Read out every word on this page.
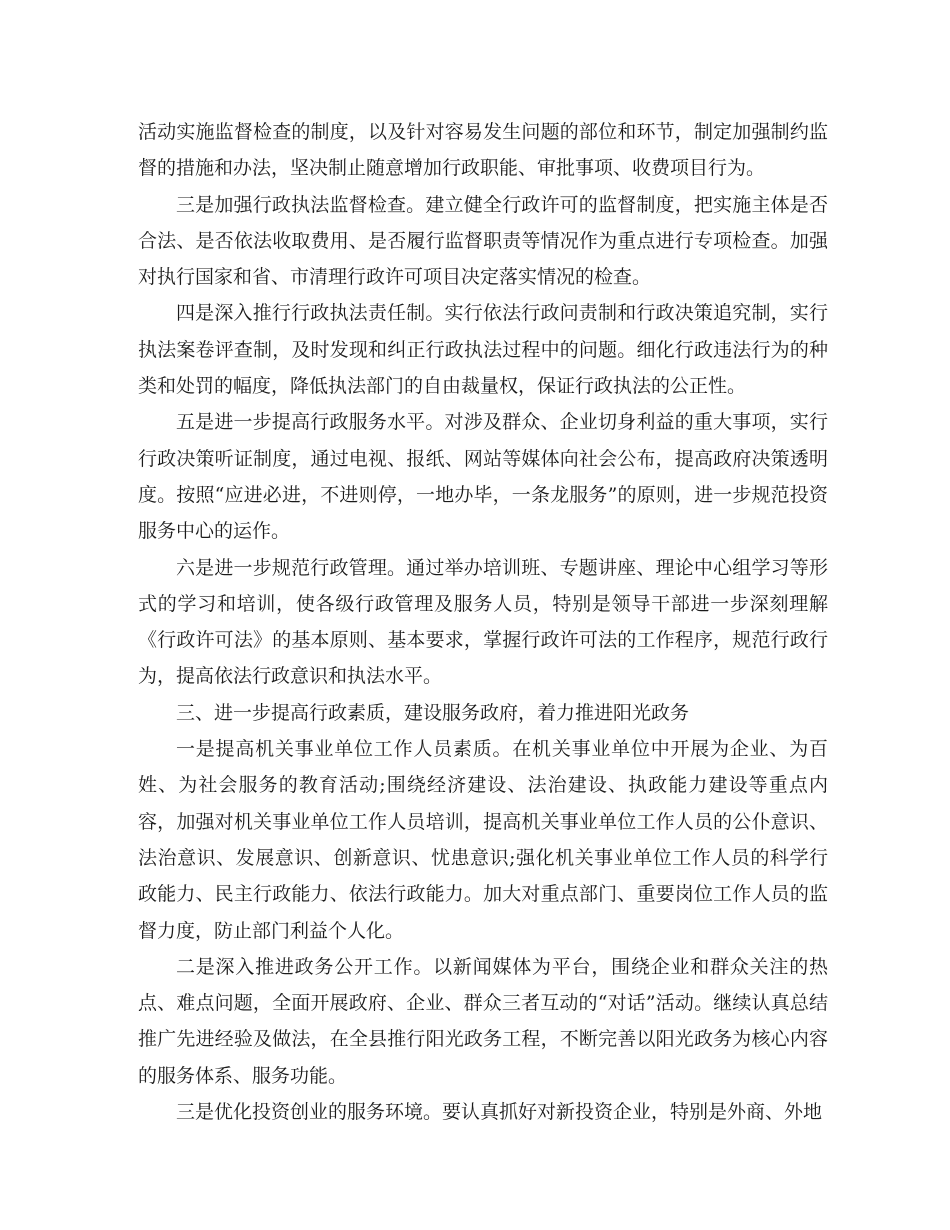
活动实施监督检查的制度，以及针对容易发生问题的部位和环节，制定加强制约监督的措施和办法，坚决制止随意增加行政职能、审批事项、收费项目行为。

三是加强行政执法监督检查。建立健全行政许可的监督制度，把实施主体是否合法、是否依法收取费用、是否履行监督职责等情况作为重点进行专项检查。加强对执行国家和省、市清理行政许可项目决定落实情况的检查。

四是深入推行行政执法责任制。实行依法行政问责制和行政决策追究制，实行执法案卷评查制，及时发现和纠正行政执法过程中的问题。细化行政违法行为的种类和处罚的幅度，降低执法部门的自由裁量权，保证行政执法的公正性。

五是进一步提高行政服务水平。对涉及群众、企业切身利益的重大事项，实行行政决策听证制度，通过电视、报纸、网站等媒体向社会公布，提高政府决策透明度。按照“应进必进，不进则停，一地办毕，一条龙服务”的原则，进一步规范投资服务中心的运作。

六是进一步规范行政管理。通过举办培训班、专题讲座、理论中心组学习等形式的学习和培训，使各级行政管理及服务人员，特别是领导干部进一步深刻理解《行政许可法》的基本原则、基本要求，掌握行政许可法的工作程序，规范行政行为，提高依法行政意识和执法水平。

三、进一步提高行政素质，建设服务政府，着力推进阳光政务

一是提高机关事业单位工作人员素质。在机关事业单位中开展为企业、为百姓、为社会服务的教育活动;围绕经济建设、法治建设、执政能力建设等重点内容，加强对机关事业单位工作人员培训，提高机关事业单位工作人员的公仆意识、法治意识、发展意识、创新意识、忧患意识;强化机关事业单位工作人员的科学行政能力、民主行政能力、依法行政能力。加大对重点部门、重要岗位工作人员的监督力度，防止部门利益个人化。

二是深入推进政务公开工作。以新闻媒体为平台，围绕企业和群众关注的热点、难点问题，全面开展政府、企业、群众三者互动的“对话”活动。继续认真总结推广先进经验及做法，在全县推行阳光政务工程，不断完善以阳光政务为核心内容的服务体系、服务功能。

三是优化投资创业的服务环境。要认真抓好对新投资企业，特别是外商、外地
